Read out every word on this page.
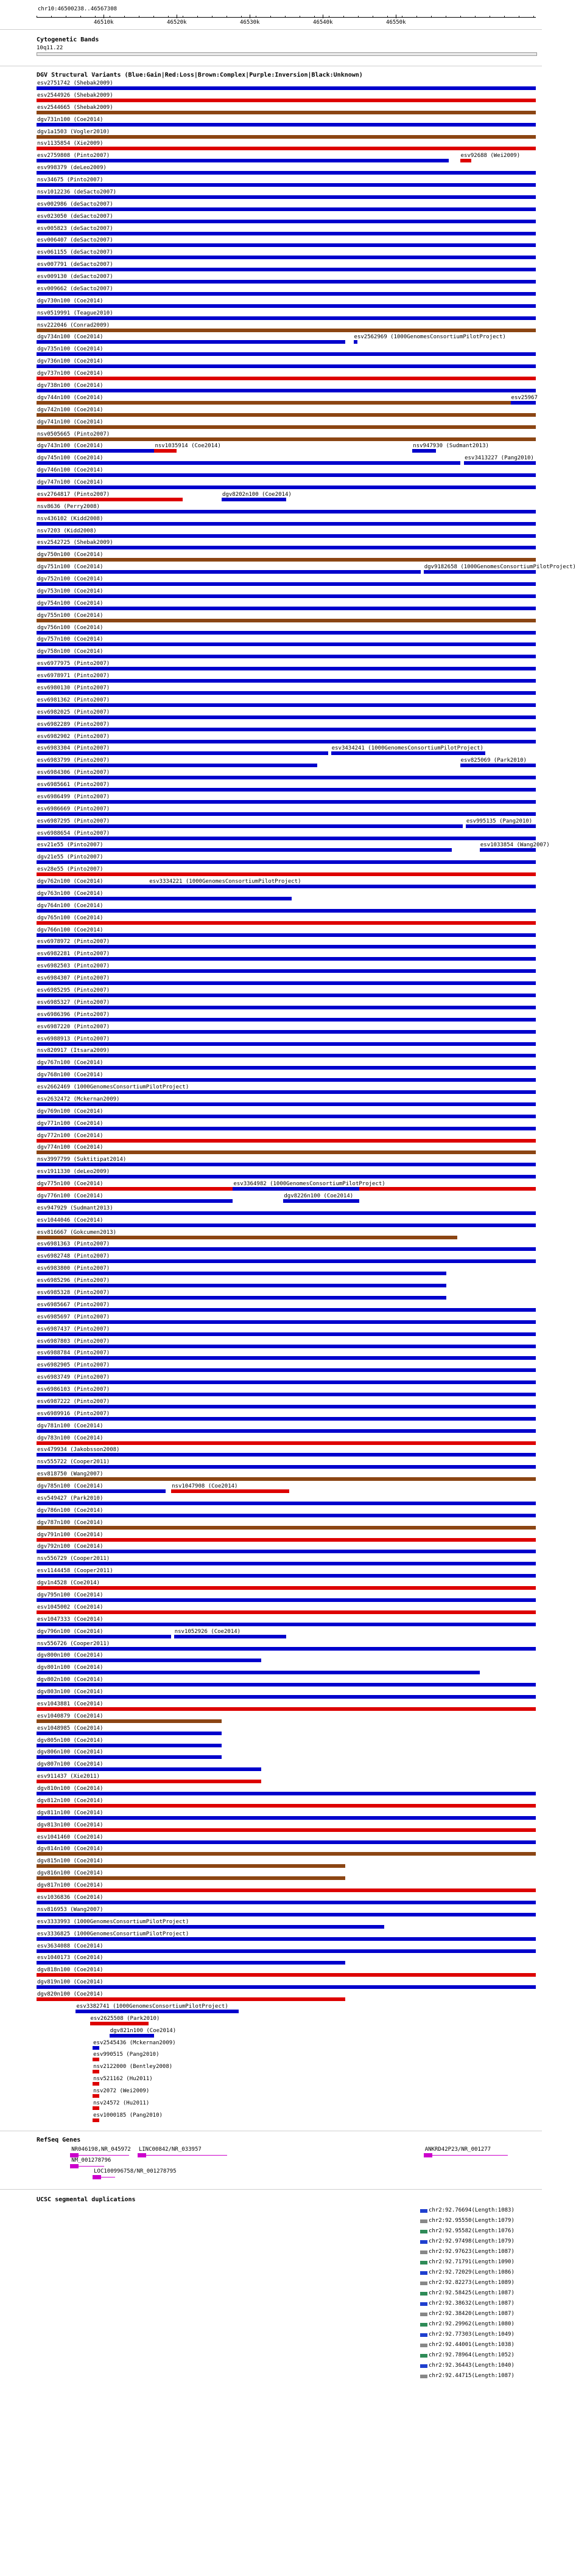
chr10:46500238..46567308
46510k	46520k	46530k	46540k	46550k
Cytogenetic Bands
10q11.22
DGV Structural Variants (Blue:Gain|Red:Loss|Brown:Complex|Purple:Inversion|Black:Unknown)
esv2751742 (Shebak2009)
esv2544926 (Shebak2009)
esv2544665 (Shebak2009)
dgv731n100 (Coe2014)
dgv1a1503 (Vogler2010)
nsv1135854 (Xie2009)
esv2759808 (Pinto2007)	esv92688 (Wei2009)
esv998379 (deLeo2009)
nsv34675 (Pinto2007)
nsv1012236 (deSacto2007)
esv002986 (deSacto2007)
esv023050 (deSacto2007)
esv005823 (deSacto2007)
esv006407 (deSacto2007)
esv061155 (deSacto2007)
esv007791 (deSacto2007)
esv009130 (deSacto2007)
esv009662 (deSacto2007)
dgv730n100 (Coe2014)
nsv0519991 (Teague2010)
nsv222046 (Conrad2009)
dgv734n100 (Coe2014)	esv2562969 (1000GenomesConsortiumPilotProject)
dgv735n100 (Coe2014)
dgv736n100 (Coe2014)
dgv737n100 (Coe2014)
dgv738n100 (Coe2014)
dgv744n100 (Coe2014)	esv25967
dgv742n100 (Coe2014)
dgv741n100 (Coe2014)
nsv0505665 (Pinto2007)
dgv743n100 (Coe2014)	nsv1035914 (Coe2014)	nsv947930 (Sudmant2013)
dgv745n100 (Coe2014)	esv3413227 (Pang2010)
dgv746n100 (Coe2014)
dgv747n100 (Coe2014)
esv2764817 (Pinto2007)	dgv8202n100 (Coe2014)
nsv8636 (Perry2008)
nsv436102 (Kidd2008)
nsv7203 (Kidd2008)
esv2542725 (Shebak2009)
dgv750n100 (Coe2014)
dgv751n100 (Coe2014)	dgv9182658 (1000GenomesConsortiumPilotProject)
dgv752n100 (Coe2014)
dgv753n100 (Coe2014)
dgv754n100 (Coe2014)
dgv755n100 (Coe2014)
dgv756n100 (Coe2014)
dgv757n100 (Coe2014)
dgv758n100 (Coe2014)
esv6977975 (Pinto2007)
esv6978971 (Pinto2007)
esv6980130 (Pinto2007)
esv6981362 (Pinto2007)
esv6982025 (Pinto2007)
esv6982289 (Pinto2007)
esv6982902 (Pinto2007)
esv6983304 (Pinto2007)	esv3434241 (1000GenomesConsortiumPilotProject)
esv6983799 (Pinto2007)	esv825069 (Park2010)
esv6984306 (Pinto2007)
esv6985661 (Pinto2007)
esv6986499 (Pinto2007)
esv6986669 (Pinto2007)
esv6987295 (Pinto2007)	esv995135 (Pang2010)
esv6988654 (Pinto2007)
esv21e55 (Pinto2007)	esv1033854 (Wang2007)
dgv21e55 (Pinto2007)
esv28e55 (Pinto2007)
dgv762n100 (Coe2014)	esv3334221 (1000GenomesConsortiumPilotProject)
dgv763n100 (Coe2014)
dgv764n100 (Coe2014)
dgv765n100 (Coe2014)
dgv766n100 (Coe2014)
esv6978972 (Pinto2007)
esv6982281 (Pinto2007)
esv6982503 (Pinto2007)
esv6984307 (Pinto2007)
esv6985295 (Pinto2007)
esv6985327 (Pinto2007)
esv6986396 (Pinto2007)
esv6987220 (Pinto2007)
esv6988913 (Pinto2007)
nsv820917 (Itsara2009)
dgv767n100 (Coe2014)
dgv768n100 (Coe2014)
esv2662469 (1000GenomesConsortiumPilotProject)
esv2632472 (Mckernan2009)
dgv769n100 (Coe2014)
dgv771n100 (Coe2014)
dgv772n100 (Coe2014)
dgv774n100 (Coe2014)
nsv3997799 (Suktitipat2014)
esv1911330 (deLeo2009)
dgv775n100 (Coe2014)	esv3364982 (1000GenomesConsortiumPilotProject)
dgv776n100 (Coe2014)	dgv8226n100 (Coe2014)
esv947929 (Sudmant2013)
esv1044046 (Coe2014)
esv816667 (Gokcumen2013)
esv6981363 (Pinto2007)
esv6982748 (Pinto2007)
esv6983800 (Pinto2007)
esv6985296 (Pinto2007)
esv6985328 (Pinto2007)
esv6985667 (Pinto2007)
esv6985697 (Pinto2007)
esv6987437 (Pinto2007)
esv6987803 (Pinto2007)
esv6988784 (Pinto2007)
esv6982905 (Pinto2007)
esv6983749 (Pinto2007)
esv6986103 (Pinto2007)
esv6987222 (Pinto2007)
esv6989916 (Pinto2007)
dgv781n100 (Coe2014)
dgv783n100 (Coe2014)
esv479934 (Jakobsson2008)
nsv555722 (Cooper2011)
esv818750 (Wang2007)
dgv785n100 (Coe2014)	nsv1047908 (Coe2014)
esv549427 (Park2010)
dgv786n100 (Coe2014)
dgv787n100 (Coe2014)
dgv791n100 (Coe2014)
dgv792n100 (Coe2014)
nsv556729 (Cooper2011)
esv1144458 (Cooper2011)
dgv1n4528 (Coe2014)
dgv795n100 (Coe2014)
esv1045002 (Coe2014)
esv1047333 (Coe2014)
dgv796n100 (Coe2014)	nsv1052926 (Coe2014)
nsv556726 (Cooper2011)
dgv800n100 (Coe2014)
dgv801n100 (Coe2014)
dgv802n100 (Coe2014)
dgv803n100 (Coe2014)
esv1043881 (Coe2014)
esv1040879 (Coe2014)
esv1048985 (Coe2014)
dgv805n100 (Coe2014)
dgv806n100 (Coe2014)
dgv807n100 (Coe2014)
esv911437 (Xie2011)
dgv810n100 (Coe2014)
dgv812n100 (Coe2014)
dgv811n100 (Coe2014)
dgv813n100 (Coe2014)
esv1041460 (Coe2014)
dgv814n100 (Coe2014)
dgv815n100 (Coe2014)
dgv816n100 (Coe2014)
dgv817n100 (Coe2014)
esv1036836 (Coe2014)
nsv816953 (Wang2007)
esv3333993 (1000GenomesConsortiumPilotProject)
esv3336825 (1000GenomesConsortiumPilotProject)
esv3634088 (Coe2014)
esv1040173 (Coe2014)
dgv818n100 (Coe2014)
dgv819n100 (Coe2014)
dgv820n100 (Coe2014)
esv3382741 (1000GenomesConsortiumPilotProject)
esv2625508 (Park2010)
dgv821n100 (Coe2014)
esv2545436 (Mckernan2009)
esv990515 (Pang2010)
nsv2122000 (Bentley2008)
nsv521162 (Hu2011)
nsv2072 (Wei2009)
nsv24572 (Hu2011)
esv1000185 (Pang2010)
RefSeq Genes
NR046198,NR_045972
NM_001278796
LINC00842/NR_033957
LOC100996758/NR_001278795
ANKRD42P23/NR_001277
UCSC segmental duplications
chr2:92.76694(Length:1083)
chr2:92.95550(Length:1079)
chr2:92.95582(Length:1076)
chr2:92.97498(Length:1079)
chr2:92.97623(Length:1087)
chr2:92.71791(Length:1090)
chr2:92.72029(Length:1086)
chr2:92.82273(Length:1089)
chr2:92.58425(Length:1087)
chr2:92.38632(Length:1087)
chr2:92.38420(Length:1087)
chr2:92.29962(Length:1080)
chr2:92.77303(Length:1049)
chr2:92.44001(Length:1038)
chr2:92.78964(Length:1052)
chr2:92.36443(Length:1040)
chr2:92.44715(Length:1087)
